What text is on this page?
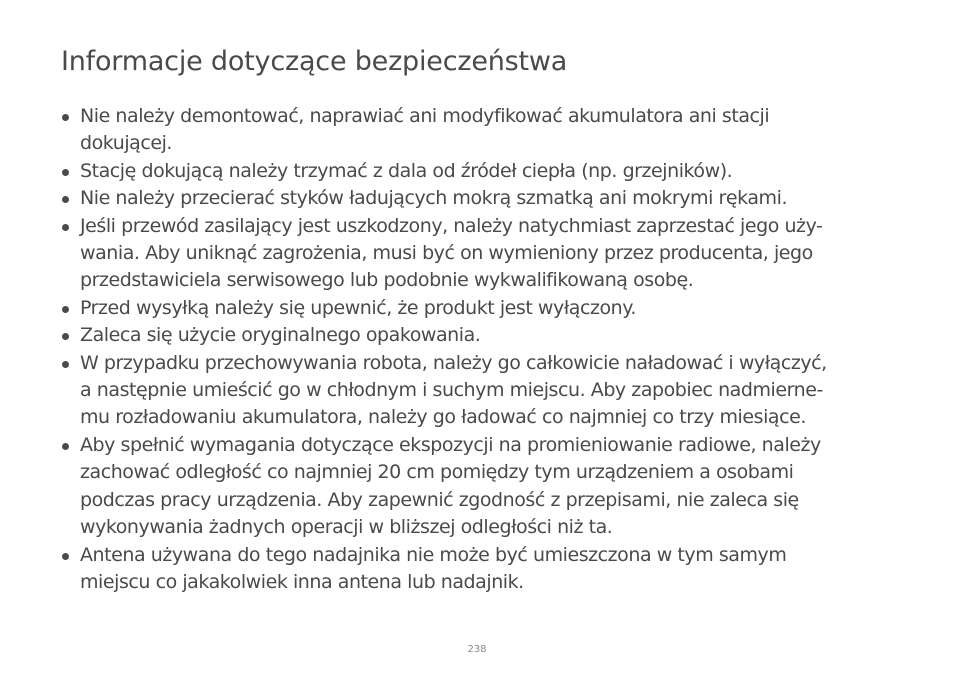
Informacje dotyczące bezpieczeństwa
Nie należy demontować, naprawiać ani modyfikować akumulatora ani stacji
dokującej.
Stację dokującą należy trzymać z dala od źródeł ciepła (np. grzejników).
Nie należy przecierać styków ładujących mokrą szmatką ani mokrymi rękami.
Jeśli przewód zasilający jest uszkodzony, należy natychmiast zaprzestać jego uży-
wania. Aby uniknąć zagrożenia, musi być on wymieniony przez producenta, jego
przedstawiciela serwisowego lub podobnie wykwalifikowaną osobę.
Przed wysyłką należy się upewnić, że produkt jest wyłączony.
Zaleca się użycie oryginalnego opakowania.
W przypadku przechowywania robota, należy go całkowicie naładować i wyłączyć,
a następnie umieścić go w chłodnym i suchym miejscu. Aby zapobiec nadmierne-
mu rozładowaniu akumulatora, należy go ładować co najmniej co trzy miesiące.
Aby spełnić wymagania dotyczące ekspozycji na promieniowanie radiowe, należy
zachować odległość co najmniej 20 cm pomiędzy tym urządzeniem a osobami
podczas pracy urządzenia. Aby zapewnić zgodność z przepisami, nie zaleca się
wykonywania żadnych operacji w bliższej odległości niż ta.
Antena używana do tego nadajnika nie może być umieszczona w tym samym
miejscu co jakakolwiek inna antena lub nadajnik.
238
